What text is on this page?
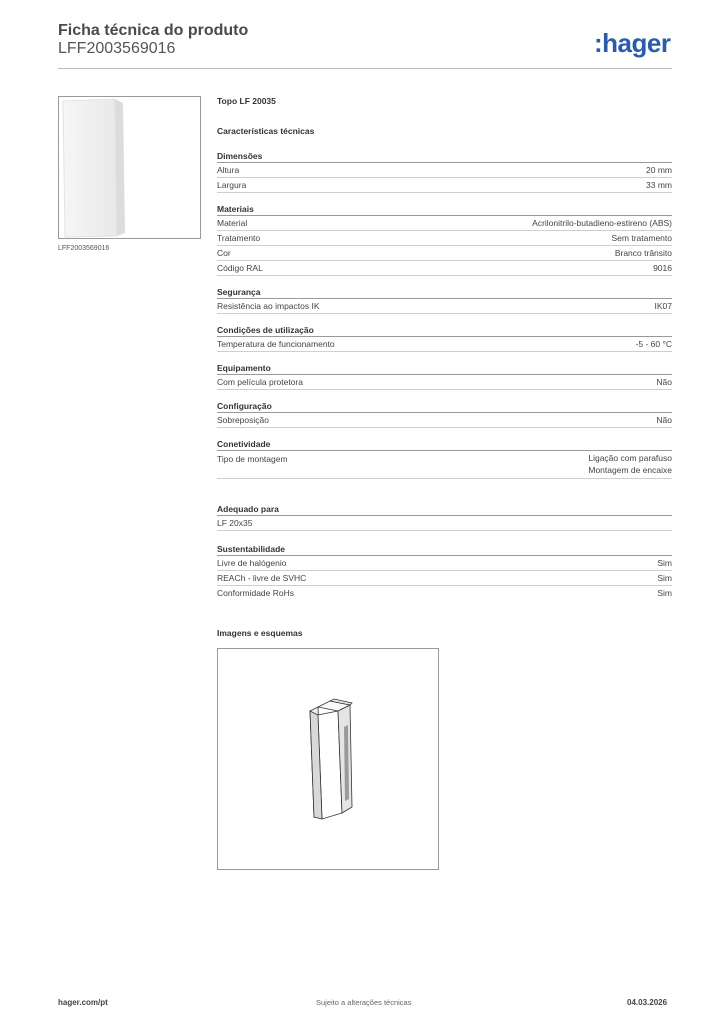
Ficha técnica do produto
LFF2003569016	:hager
LFF2003569016
Topo LF 20035
Características técnicas
Dimensões
Altura	20 mm
Largura	33 mm
Materiais
Material	Acrilonitrilo-butadieno-estireno (ABS)
Tratamento	Sem tratamento
Cor	Branco trânsito
Código RAL	9016
Segurança
Resistência ao impactos IK	IK07
Condições de utilização
Temperatura de funcionamento	-5 - 60 °C
Equipamento
Com película protetora	Não
Configuração
Sobreposição	Não
Conetividade
Tipo de montagem	Ligação com parafuso
Montagem de encaixe
Adequado para
LF 20x35
Sustentabilidade
Livre de halógenio	Sim
REACh - livre de SVHC	Sim
Conformidade RoHs	Sim
Imagens e esquemas
hager.com/pt	Sujeito a alterações técnicas	04.03.2026
